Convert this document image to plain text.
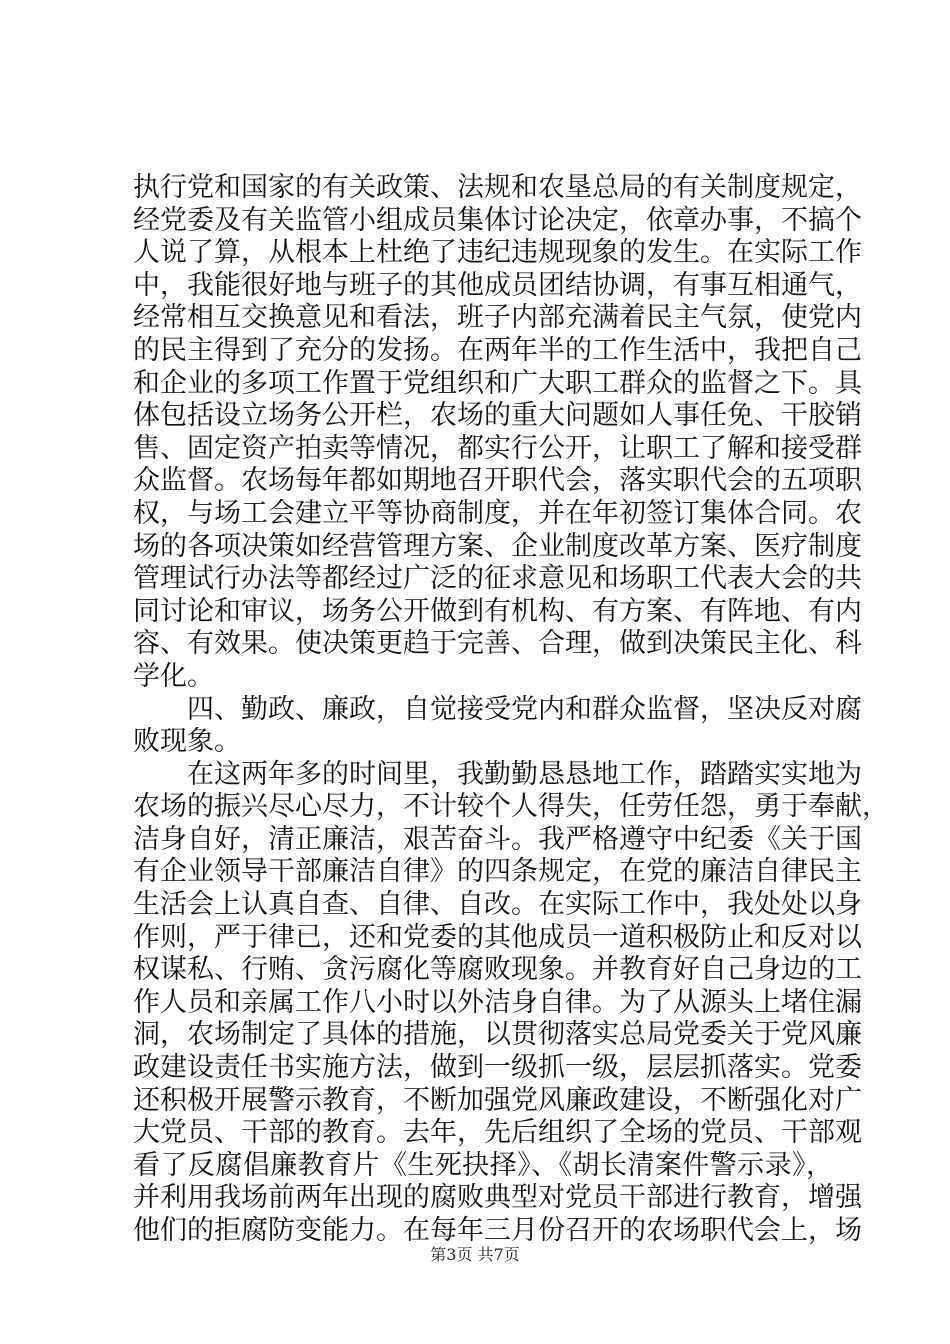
执行党和国家的有关政策、法规和农垦总局的有关制度规定，
经党委及有关监管小组成员集体讨论决定，依章办事，不搞个
人说了算，从根本上杜绝了违纪违规现象的发生。在实际工作
中，我能很好地与班子的其他成员团结协调，有事互相通气，
经常相互交换意见和看法，班子内部充满着民主气氛，使党内
的民主得到了充分的发扬。在两年半的工作生活中，我把自己
和企业的多项工作置于党组织和广大职工群众的监督之下。具
体包括设立场务公开栏，农场的重大问题如人事任免、干胶销
售、固定资产拍卖等情况，都实行公开，让职工了解和接受群
众监督。农场每年都如期地召开职代会，落实职代会的五项职
权，与场工会建立平等协商制度，并在年初签订集体合同。农
场的各项决策如经营管理方案、企业制度改革方案、医疗制度
管理试行办法等都经过广泛的征求意见和场职工代表大会的共
同讨论和审议，场务公开做到有机构、有方案、有阵地、有内
容、有效果。使决策更趋于完善、合理，做到决策民主化、科
学化。
　　四、勤政、廉政，自觉接受党内和群众监督，坚决反对腐
败现象。
　　在这两年多的时间里，我勤勤恳恳地工作，踏踏实实地为
农场的振兴尽心尽力，不计较个人得失，任劳任怨，勇于奉献，
洁身自好，清正廉洁，艰苦奋斗。我严格遵守中纪委《关于国
有企业领导干部廉洁自律》的四条规定，在党的廉洁自律民主
生活会上认真自查、自律、自改。在实际工作中，我处处以身
作则，严于律已，还和党委的其他成员一道积极防止和反对以
权谋私、行贿、贪污腐化等腐败现象。并教育好自己身边的工
作人员和亲属工作八小时以外洁身自律。为了从源头上堵住漏
洞，农场制定了具体的措施，以贯彻落实总局党委关于党风廉
政建设责任书实施方法，做到一级抓一级，层层抓落实。党委
还积极开展警示教育，不断加强党风廉政建设，不断强化对广
大党员、干部的教育。去年，先后组织了全场的党员、干部观
看了反腐倡廉教育片《生死抉择》、《胡长清案件警示录》，
并利用我场前两年出现的腐败典型对党员干部进行教育，增强
他们的拒腐防变能力。在每年三月份召开的农场职代会上，场
第3页 共7页
